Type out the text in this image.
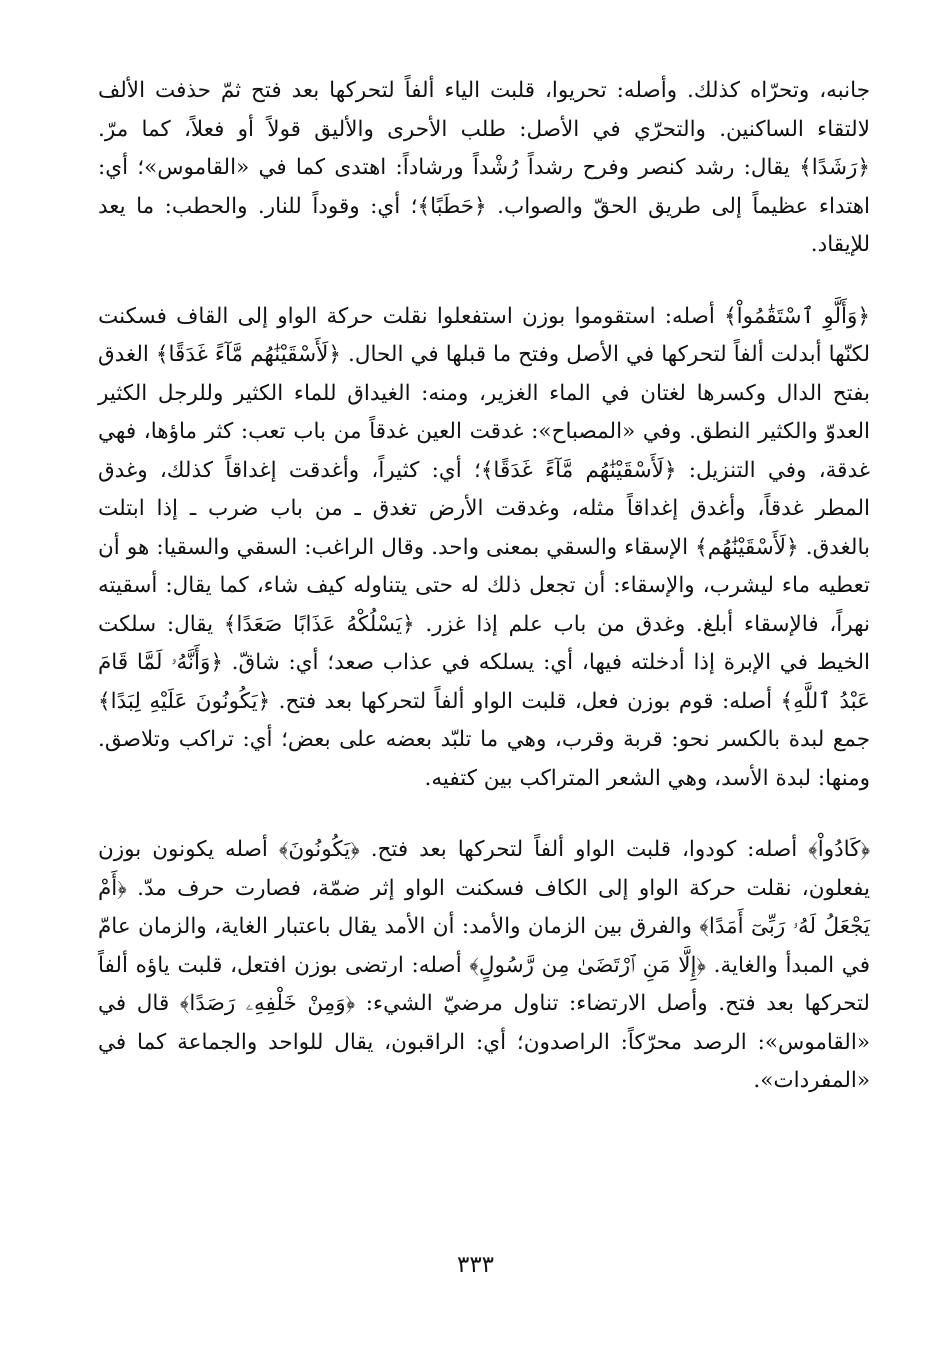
جانبه، وتحرّاه كذلك. وأصله: تحريوا، قلبت الياء ألفاً لتحركها بعد فتح ثمّ حذفت الألف لالتقاء الساكنين. والتحرّي في الأصل: طلب الأحرى والأليق قولاً أو فعلاً، كما مرّ. ﴿رَشَدًا﴾ يقال: رشد كنصر وفرح رشداً رُشْداً ورشاداً: اهتدى كما في «القاموس»؛ أي: اهتداء عظيماً إلى طريق الحقّ والصواب. ﴿حَطَبًا﴾؛ أي: وقوداً للنار. والحطب: ما يعد للإيقاد.

﴿وَأَلَّوِ ٱسْتَقَٰمُواْ﴾ أصله: استقوموا بوزن استفعلوا نقلت حركة الواو إلى القاف فسكنت لكنّها أبدلت ألفاً لتحركها في الأصل وفتح ما قبلها في الحال. ﴿لَأَسْقَيْنَٰهُم مَّآءً غَدَقًا﴾ الغدق بفتح الدال وكسرها لغتان في الماء الغزير، ومنه: الغيداق للماء الكثير وللرجل الكثير العدوّ والكثير النطق. وفي «المصباح»: غدقت العين غدقاً من باب تعب: كثر ماؤها، فهي غدقة، وفي التنزيل: ﴿لَأَسْقَيْنَٰهُم مَّآءً غَدَقًا﴾؛ أي: كثيراً، وأغدقت إغداقاً كذلك، وغدق المطر غدقاً، وأغدق إغداقاً مثله، وغدقت الأرض تغدق ـ من باب ضرب ـ إذا ابتلت بالغدق. ﴿لَأَسْقَيْنَٰهُم﴾ الإسقاء والسقي بمعنى واحد. وقال الراغب: السقي والسقيا: هو أن تعطيه ماء ليشرب، والإسقاء: أن تجعل ذلك له حتى يتناوله كيف شاء، كما يقال: أسقيته نهراً، فالإسقاء أبلغ. وغدق من باب علم إذا غزر. ﴿يَسْلُكْهُ عَذَابًا صَعَدًا﴾ يقال: سلكت الخيط في الإبرة إذا أدخلته فيها، أي: يسلكه في عذاب صعد؛ أي: شاقّ. ﴿وَأَنَّهُۥ لَمَّا قَامَ عَبْدُ ٱللَّهِ﴾ أصله: قوم بوزن فعل، قلبت الواو ألفاً لتحركها بعد فتح. ﴿يَكُونُونَ عَلَيْهِ لِبَدًا﴾ جمع لبدة بالكسر نحو: قربة وقرب، وهي ما تلبّد بعضه على بعض؛ أي: تراكب وتلاصق. ومنها: لبدة الأسد، وهي الشعر المتراكب بين كتفيه.

﴿كَادُواْ﴾ أصله: كودوا، قلبت الواو ألفاً لتحركها بعد فتح. ﴿يَكُونُونَ﴾ أصله يكونون بوزن يفعلون، نقلت حركة الواو إلى الكاف فسكنت الواو إثر ضمّة، فصارت حرف مدّ. ﴿أَمْ يَجْعَلُ لَهُۥ رَبِّىٓ أَمَدًا﴾ والفرق بين الزمان والأمد: أن الأمد يقال باعتبار الغاية، والزمان عامّ في المبدأ والغاية. ﴿إِلَّا مَنِ ٱرْتَضَىٰ مِن رَّسُولٍ﴾ أصله: ارتضى بوزن افتعل، قلبت ياؤه ألفاً لتحركها بعد فتح. وأصل الارتضاء: تناول مرضيّ الشيء: ﴿وَمِنْ خَلْفِهِۦ رَصَدًا﴾ قال في «القاموس»: الرصد محرّكاً: الراصدون؛ أي: الراقبون، يقال للواحد والجماعة كما في «المفردات».

٣٣٣
